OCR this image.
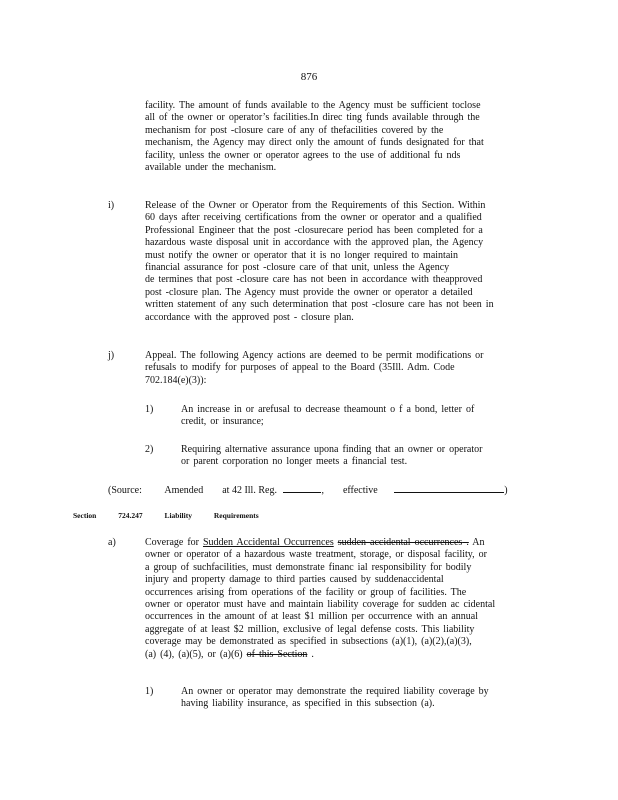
876
facility. The amount of funds available to the Agency must be sufficient toclose
all of the owner or operator’s facilities.In direc ting funds available through the
mechanism for post -closure care of any of thefacilities covered by the
mechanism, the Agency may direct only the amount of funds designated for that
facility, unless the owner or operator agrees to the use of additional fu nds
available under the mechanism.
i)	Release of the Owner or Operator from the Requirements of this Section. Within
60 days after receiving certifications from the owner or operator and a qualified
Professional Engineer that the post -closurecare period has been completed for a
hazardous waste disposal unit in accordance with the approved plan, the Agency
must notify the owner or operator that it is no longer required to maintain
financial assurance for post -closure care of that unit, unless the Agency
de termines that post -closure care has not been in accordance with theapproved
post -closure plan. The Agency must provide the owner or operator a detailed
written statement of any such determination that post -closure care has not been in
accordance with the approved post - closure plan.
j)	Appeal. The following Agency actions are deemed to be permit modifications or
refusals to modify for purposes of appeal to the Board (35Ill. Adm. Code
702.184(e)(3)):
1)	An increase in or arefusal to decrease theamount o f a bond, letter of
credit, or insurance;
2)	Requiring alternative assurance upona finding that an owner or operator
or parent corporation no longer meets a financial test.
(Source: Amended at 42 Ill. Reg.	, effective	)
Section	724.247	Liability	Requirements
a)	Coverage for Sudden Accidental Occurrences sudden accidental occurrences . An
owner or operator of a hazardous waste treatment, storage, or disposal facility, or
a group of suchfacilities, must demonstrate financ ial responsibility for bodily
injury and property damage to third parties caused by suddenaccidental
occurrences arising from operations of the facility or group of facilities. The
owner or operator must have and maintain liability coverage for sudden ac cidental
occurrences in the amount of at least $1 million per occurrence with an annual
aggregate of at least $2 million, exclusive of legal defense costs. This liability
coverage may be demonstrated as specified in subsections (a)(1), (a)(2),(a)(3),
(a) (4), (a)(5), or (a)(6) of this Section .
1)	An owner or operator may demonstrate the required liability coverage by
having liability insurance, as specified in this subsection (a).
